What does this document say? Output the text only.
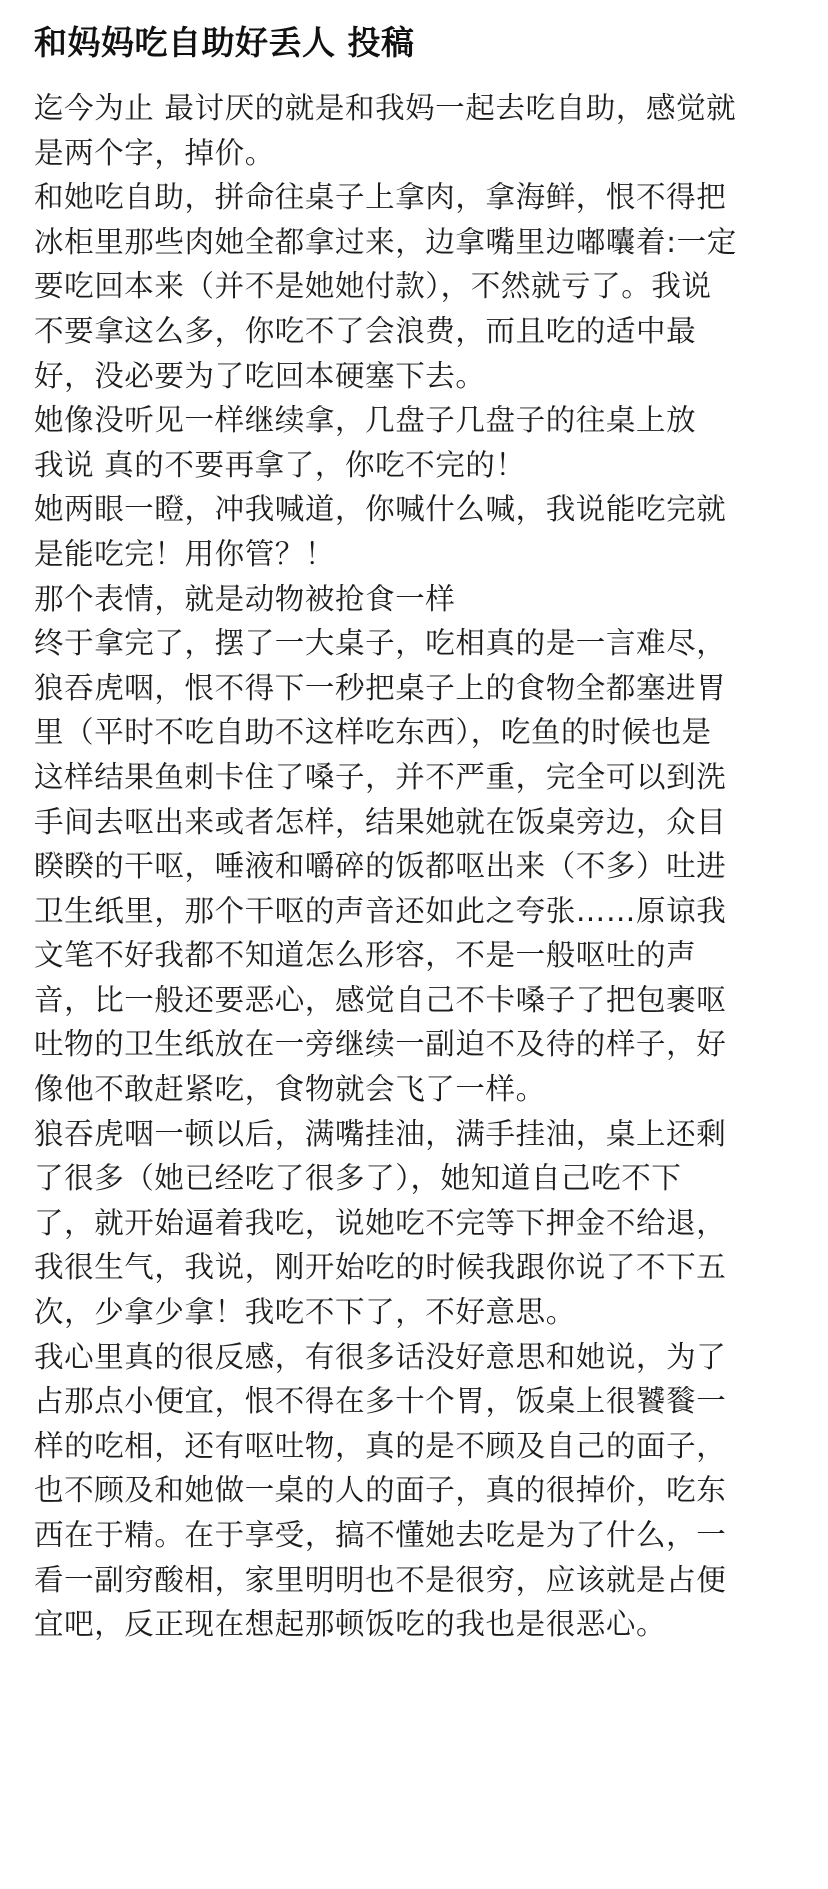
和妈妈吃自助好丢人 投稿
迄今为止 最讨厌的就是和我妈一起去吃自助，感觉就
是两个字，掉价。
和她吃自助，拼命往桌子上拿肉，拿海鲜，恨不得把
冰柜里那些肉她全都拿过来，边拿嘴里边嘟囔着:一定
要吃回本来（并不是她她付款），不然就亏了。我说
不要拿这么多，你吃不了会浪费，而且吃的适中最
好，没必要为了吃回本硬塞下去。
她像没听见一样继续拿，几盘子几盘子的往桌上放
我说 真的不要再拿了，你吃不完的！
她两眼一瞪，冲我喊道，你喊什么喊，我说能吃完就
是能吃完！用你管？！
那个表情，就是动物被抢食一样
终于拿完了，摆了一大桌子，吃相真的是一言难尽，
狼吞虎咽，恨不得下一秒把桌子上的食物全都塞进胃
里（平时不吃自助不这样吃东西），吃鱼的时候也是
这样结果鱼刺卡住了嗓子，并不严重，完全可以到洗
手间去呕出来或者怎样，结果她就在饭桌旁边，众目
睽睽的干呕，唾液和嚼碎的饭都呕出来（不多）吐进
卫生纸里，那个干呕的声音还如此之夸张……原谅我
文笔不好我都不知道怎么形容，不是一般呕吐的声
音，比一般还要恶心，感觉自己不卡嗓子了把包裹呕
吐物的卫生纸放在一旁继续一副迫不及待的样子，好
像他不敢赶紧吃，食物就会飞了一样。
狼吞虎咽一顿以后，满嘴挂油，满手挂油，桌上还剩
了很多（她已经吃了很多了），她知道自己吃不下
了，就开始逼着我吃，说她吃不完等下押金不给退，
我很生气，我说，刚开始吃的时候我跟你说了不下五
次，少拿少拿！我吃不下了，不好意思。
我心里真的很反感，有很多话没好意思和她说，为了
占那点小便宜，恨不得在多十个胃，饭桌上很饕餮一
样的吃相，还有呕吐物，真的是不顾及自己的面子，
也不顾及和她做一桌的人的面子，真的很掉价，吃东
西在于精。在于享受，搞不懂她去吃是为了什么，一
看一副穷酸相，家里明明也不是很穷，应该就是占便
宜吧，反正现在想起那顿饭吃的我也是很恶心。
